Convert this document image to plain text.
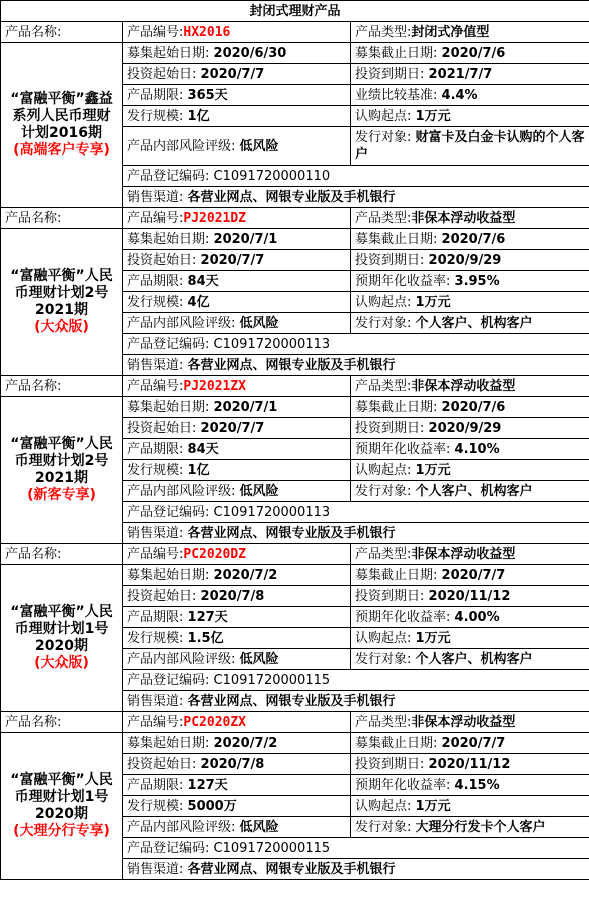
封闭式理财产品		
产品名称:	产品编号:HX2016	产品类型:封闭式净值型
“富融平衡”鑫益系列人民币理财计划2016期
(高端客户专享)	募集起始日期: 2020/6/30	募集截止日期: 2020/7/6
	投资起始日: 2020/7/7	投资到期日: 2021/7/7
	产品期限: 365天	业绩比较基准: 4.4%
	发行规模: 1亿	认购起点: 1万元
	产品内部风险评级: 低风险	发行对象: 财富卡及白金卡认购的个人客户
	产品登记编码: C1091720000110	
	销售渠道: 各营业网点、网银专业版及手机银行	
产品名称:	产品编号:PJ2021DZ	产品类型:非保本浮动收益型
“富融平衡”人民币理财计划2号2021期
(大众版)	募集起始日期: 2020/7/1	募集截止日期: 2020/7/6
	投资起始日: 2020/7/7	投资到期日: 2020/9/29
	产品期限: 84天	预期年化收益率: 3.95%
	发行规模: 4亿	认购起点: 1万元
	产品内部风险评级: 低风险	发行对象: 个人客户、机构客户
	产品登记编码: C1091720000113	
	销售渠道: 各营业网点、网银专业版及手机银行	
产品名称:	产品编号:PJ2021ZX	产品类型:非保本浮动收益型
“富融平衡”人民币理财计划2号2021期
(新客专享)	募集起始日期: 2020/7/1	募集截止日期: 2020/7/6
	投资起始日: 2020/7/7	投资到期日: 2020/9/29
	产品期限: 84天	预期年化收益率: 4.10%
	发行规模: 1亿	认购起点: 1万元
	产品内部风险评级: 低风险	发行对象: 个人客户、机构客户
	产品登记编码: C1091720000113	
	销售渠道: 各营业网点、网银专业版及手机银行	
产品名称:	产品编号:PC2020DZ	产品类型:非保本浮动收益型
“富融平衡”人民币理财计划1号2020期
(大众版)	募集起始日期: 2020/7/2	募集截止日期: 2020/7/7
	投资起始日: 2020/7/8	投资到期日: 2020/11/12
	产品期限: 127天	预期年化收益率: 4.00%
	发行规模: 1.5亿	认购起点: 1万元
	产品内部风险评级: 低风险	发行对象: 个人客户、机构客户
	产品登记编码: C1091720000115	
	销售渠道: 各营业网点、网银专业版及手机银行	
产品名称:	产品编号:PC2020ZX	产品类型:非保本浮动收益型
“富融平衡”人民币理财计划1号2020期
(大理分行专享)	募集起始日期: 2020/7/2	募集截止日期: 2020/7/7
	投资起始日: 2020/7/8	投资到期日: 2020/11/12
	产品期限: 127天	预期年化收益率: 4.15%
	发行规模: 5000万	认购起点: 1万元
	产品内部风险评级: 低风险	发行对象: 大理分行发卡个人客户
	产品登记编码: C1091720000115	
	销售渠道: 各营业网点、网银专业版及手机银行	
